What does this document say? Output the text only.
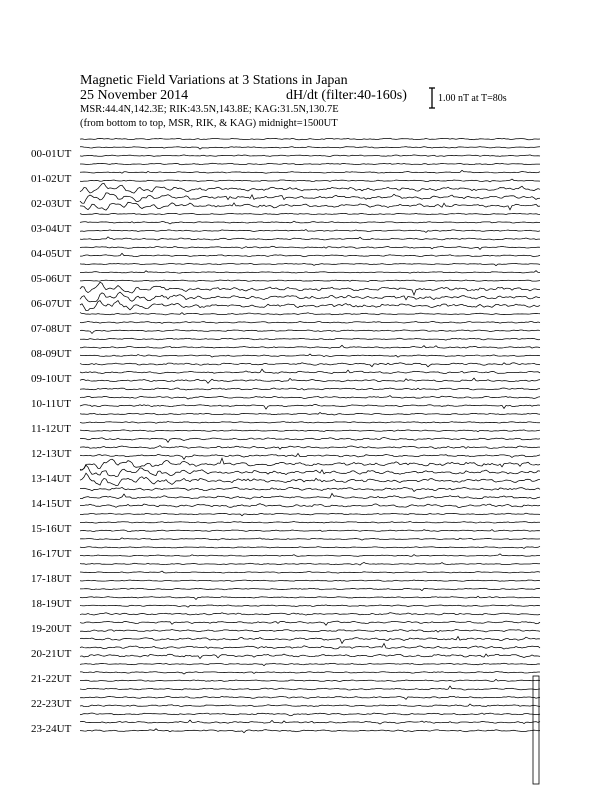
Magnetic Field Variations at 3 Stations in Japan
25 November 2014	dH/dt (filter:40-160s)
MSR:44.4N,142.3E; RIK:43.5N,143.8E; KAG:31.5N,130.7E
(from bottom to top, MSR, RIK, & KAG) midnight=1500UT
1.00 nT at T=80s
00-01UT
01-02UT
02-03UT
03-04UT
04-05UT
05-06UT
06-07UT
07-08UT
08-09UT
09-10UT
10-11UT
11-12UT
12-13UT
13-14UT
14-15UT
15-16UT
16-17UT
17-18UT
18-19UT
19-20UT
20-21UT
21-22UT
22-23UT
23-24UT
